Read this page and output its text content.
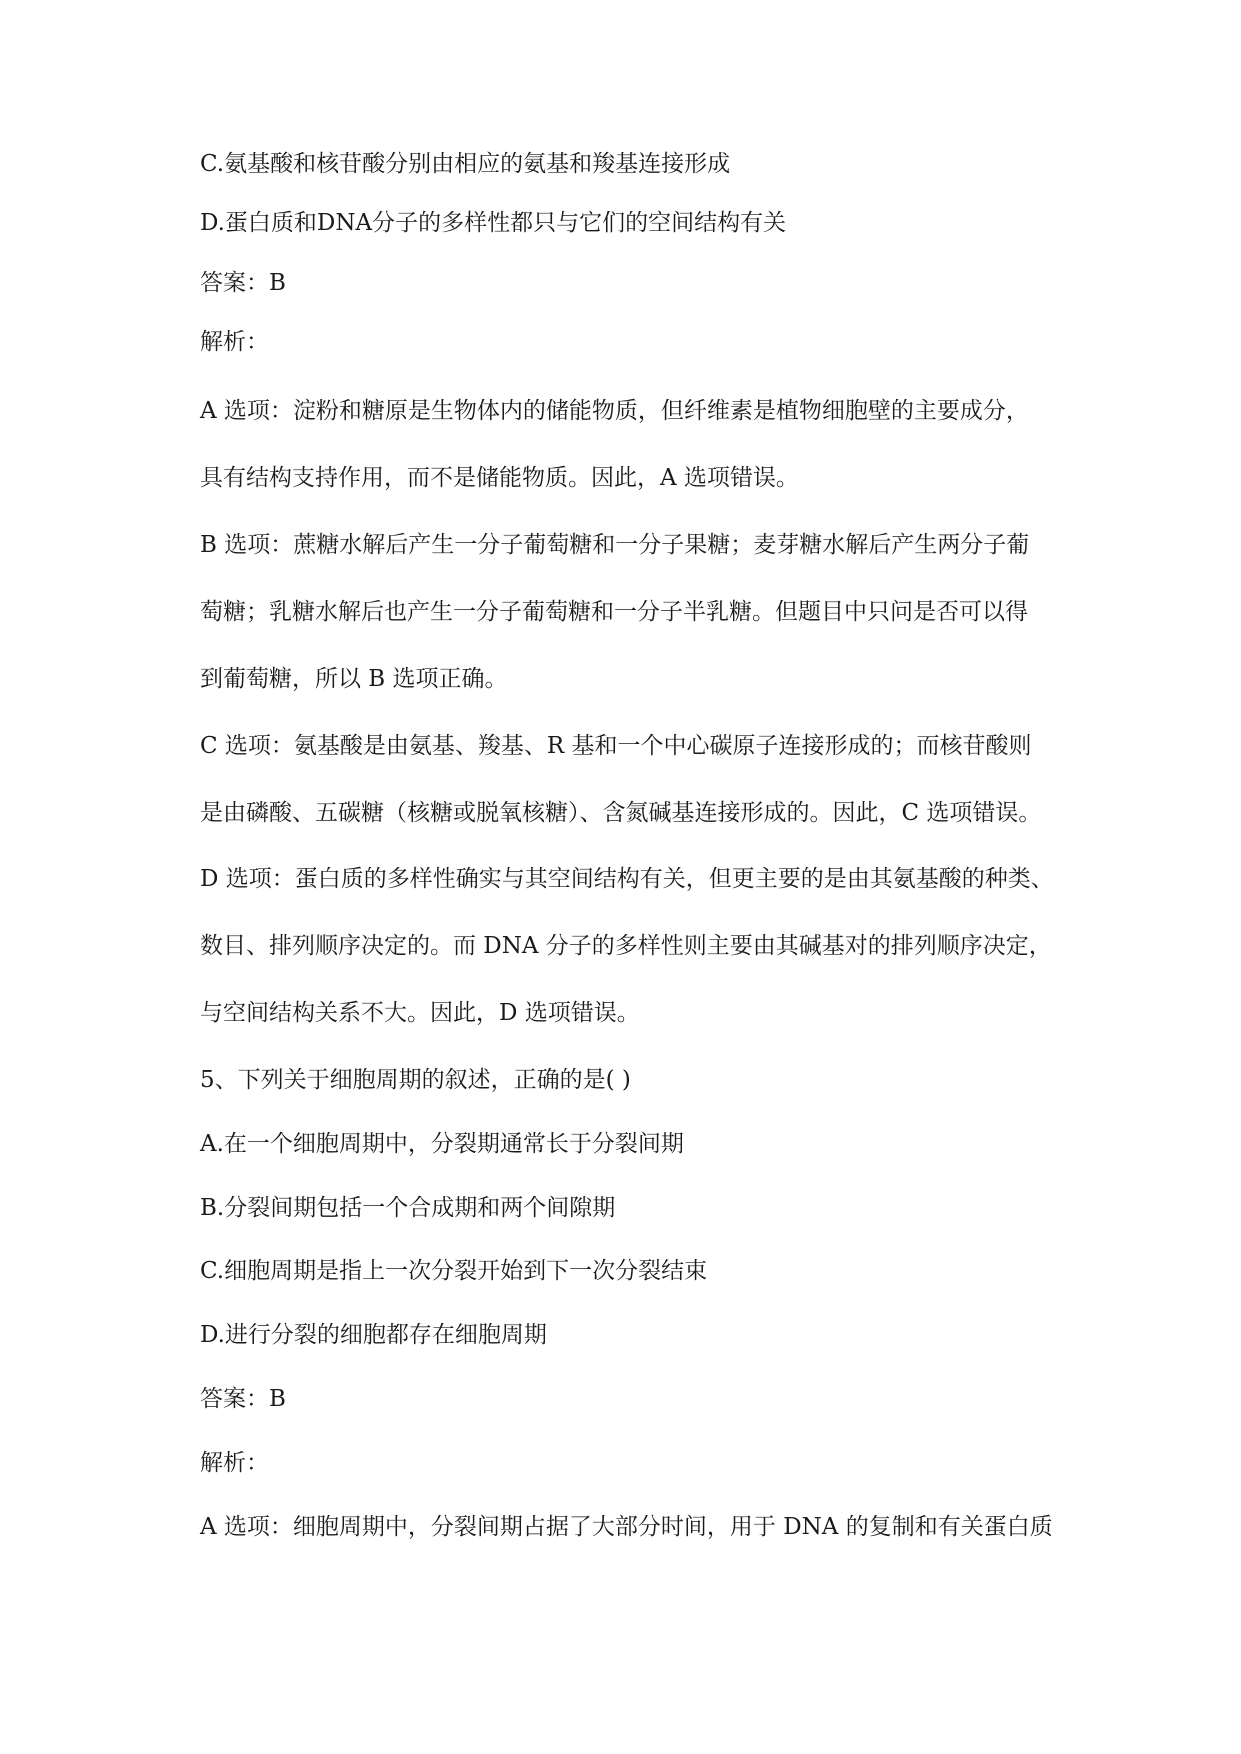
C.氨基酸和核苷酸分别由相应的氨基和羧基连接形成
D.蛋白质和DNA分子的多样性都只与它们的空间结构有关
答案：B
解析：
A 选项：淀粉和糖原是生物体内的储能物质，但纤维素是植物细胞壁的主要成分，
具有结构支持作用，而不是储能物质。因此，A 选项错误。
B 选项：蔗糖水解后产生一分子葡萄糖和一分子果糖；麦芽糖水解后产生两分子葡
萄糖；乳糖水解后也产生一分子葡萄糖和一分子半乳糖。但题目中只问是否可以得
到葡萄糖，所以 B 选项正确。
C 选项：氨基酸是由氨基、羧基、R 基和一个中心碳原子连接形成的；而核苷酸则
是由磷酸、五碳糖（核糖或脱氧核糖）、含氮碱基连接形成的。因此，C 选项错误。
D 选项：蛋白质的多样性确实与其空间结构有关，但更主要的是由其氨基酸的种类、
数目、排列顺序决定的。而 DNA 分子的多样性则主要由其碱基对的排列顺序决定，
与空间结构关系不大。因此，D 选项错误。
5、下列关于细胞周期的叙述，正确的是( )
A.在一个细胞周期中，分裂期通常长于分裂间期
B.分裂间期包括一个合成期和两个间隙期
C.细胞周期是指上一次分裂开始到下一次分裂结束
D.进行分裂的细胞都存在细胞周期
答案：B
解析：
A 选项：细胞周期中，分裂间期占据了大部分时间，用于 DNA 的复制和有关蛋白质
